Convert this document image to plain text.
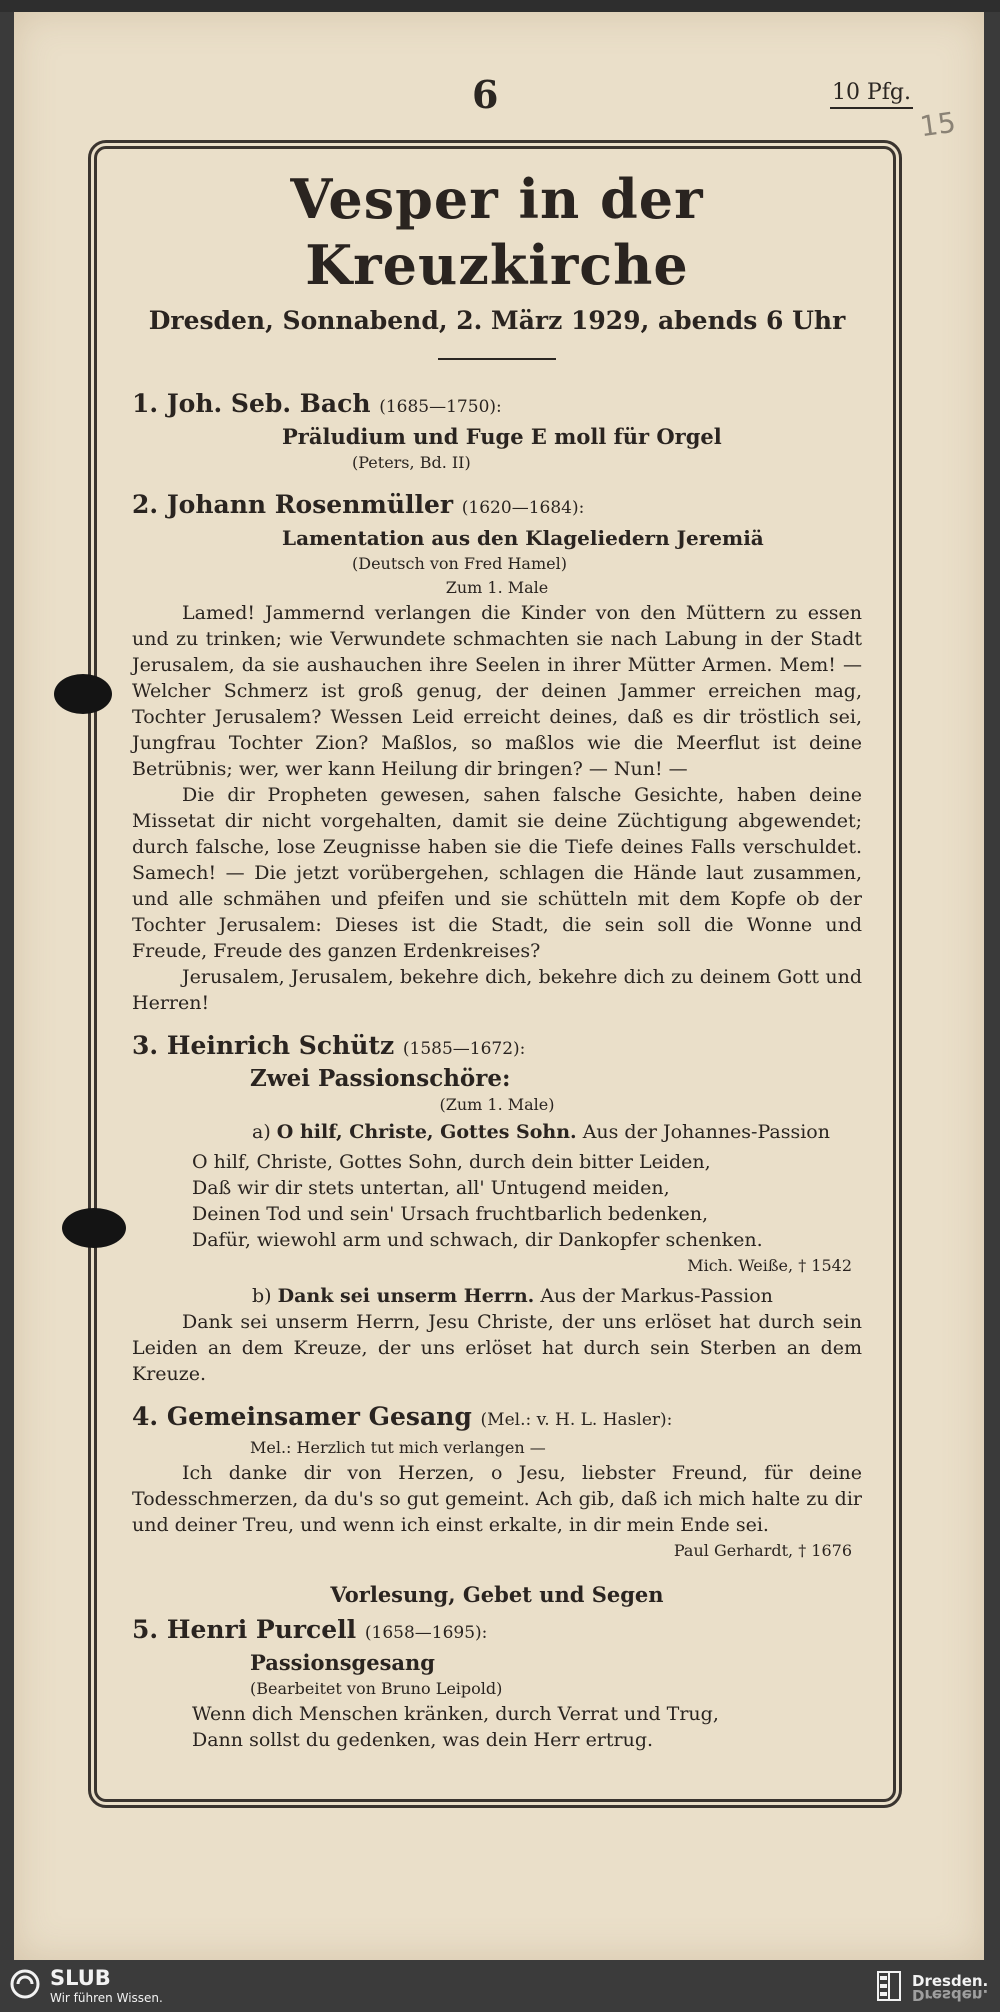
6	10 Pfg.
15
Vesper in der Kreuzkirche
Dresden, Sonnabend, 2. März 1929, abends 6 Uhr
1. Joh. Seb. Bach (1685—1750):
Präludium und Fuge E moll für Orgel
(Peters, Bd. II)
2. Johann Rosenmüller (1620—1684):
Lamentation aus den Klageliedern Jeremiä
(Deutsch von Fred Hamel)
Zum 1. Male

Lamed! Jammernd verlangen die Kinder von den Müttern zu essen und zu trinken; wie Verwundete schmachten sie nach Labung in der Stadt Jerusalem, da sie aushauchen ihre Seelen in ihrer Mütter Armen. Mem! — Welcher Schmerz ist groß genug, der deinen Jammer erreichen mag, Tochter Jerusalem? Wessen Leid erreicht deines, daß es dir tröstlich sei, Jungfrau Tochter Zion? Maßlos, so maßlos wie die Meerflut ist deine Betrübnis; wer, wer kann Heilung dir bringen? — Nun! —

Die dir Propheten gewesen, sahen falsche Gesichte, haben deine Missetat dir nicht vorgehalten, damit sie deine Züchtigung abgewendet; durch falsche, lose Zeugnisse haben sie die Tiefe deines Falls verschuldet. Samech! — Die jetzt vorübergehen, schlagen die Hände laut zusammen, und alle schmähen und pfeifen und sie schütteln mit dem Kopfe ob der Tochter Jerusalem: Dieses ist die Stadt, die sein soll die Wonne und Freude, Freude des ganzen Erdenkreises?

Jerusalem, Jerusalem, bekehre dich, bekehre dich zu deinem Gott und Herren!

3. Heinrich Schütz (1585—1672):
Zwei Passionschöre:
(Zum 1. Male)
a) O hilf, Christe, Gottes Sohn. Aus der Johannes-Passion
O hilf, Christe, Gottes Sohn, durch dein bitter Leiden,
Daß wir dir stets untertan, all' Untugend meiden,
Deinen Tod und sein' Ursach fruchtbarlich bedenken,
Dafür, wiewohl arm und schwach, dir Dankopfer schenken.
Mich. Weiße, † 1542
b) Dank sei unserm Herrn. Aus der Markus-Passion

Dank sei unserm Herrn, Jesu Christe, der uns erlöset hat durch sein Leiden an dem Kreuze, der uns erlöset hat durch sein Sterben an dem Kreuze.

4. Gemeinsamer Gesang (Mel.: v. H. L. Hasler):
Mel.: Herzlich tut mich verlangen —

Ich danke dir von Herzen, o Jesu, liebster Freund, für deine Todesschmerzen, da du's so gut gemeint. Ach gib, daß ich mich halte zu dir und deiner Treu, und wenn ich einst erkalte, in dir mein Ende sei.

Paul Gerhardt, † 1676
Vorlesung, Gebet und Segen
5. Henri Purcell (1658—1695):
Passionsgesang
(Bearbeitet von Bruno Leipold)
Wenn dich Menschen kränken, durch Verrat und Trug,
Dann sollst du gedenken, was dein Herr ertrug.
SLUB
Wir führen Wissen.
Dresden.
Dresden.
